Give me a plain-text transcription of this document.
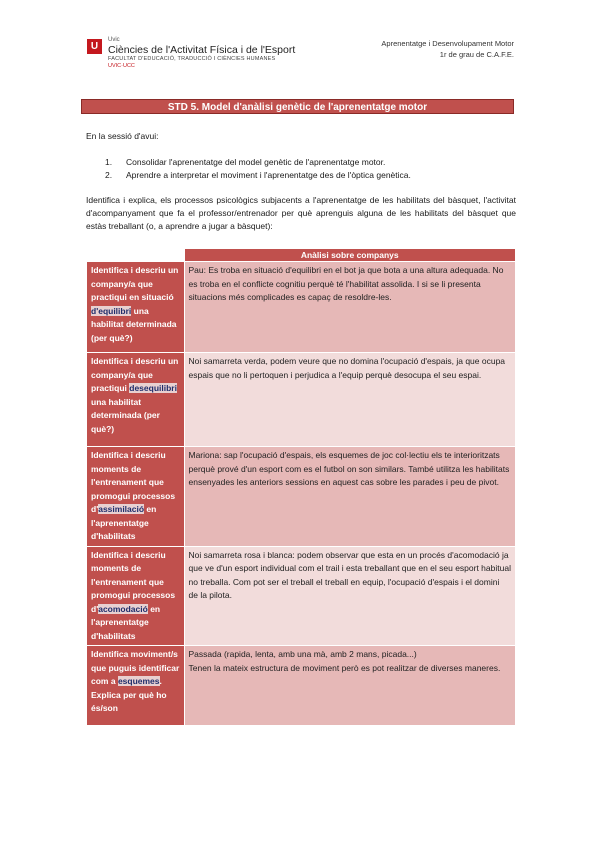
U
Uvic
Ciències de l'Activitat Física i de l'Esport
FACULTAT D'EDUCACIÓ, TRADUCCIÓ I CIÈNCIES HUMANES
UVIC·UCC
Aprenentatge i Desenvolupament Motor
1r de grau de C.A.F.E.
STD 5. Model d'anàlisi genètic de l'aprenentatge motor
En la sessió d'avui:
1.	Consolidar l'aprenentatge del model genètic de l'aprenentatge motor.
2.	Aprendre a interpretar el moviment i l'aprenentatge des de l'òptica genètica.
Identifica i explica, els processos psicològics subjacents a l'aprenentatge de les habilitats del bàsquet, l'activitat d'acompanyament que fa el professor/entrenador per què aprenguis alguna de les habilitats del bàsquet que estàs treballant (o, a aprendre a jugar a bàsquet):
	Anàlisi sobre companys
Identifica i descriu un company/a que practiqui en situació d'equilibri una habilitat determinada (per què?)	Pau: Es troba en situació d'equilibri en el bot ja que bota a una altura adequada. No es troba en el conflicte cognitiu perquè té l'habilitat assolida. I si se li presenta situacions més complicades es capaç de resoldre-les.
Identifica i descriu un company/a que practiqui desequilibri una habilitat determinada (per què?)	Noi samarreta verda, podem veure que no domina l'ocupació d'espais, ja que ocupa espais que no li pertoquen i perjudica a l'equip perquè desocupa el seu espai.
Identifica i descriu moments de l'entrenament que promogui processos d'assimilació en l'aprenentatge d'habilitats	Mariona: sap l'ocupació d'espais, els esquemes de joc col·lectiu els te interioritzats perquè prové d'un esport com es el futbol on son similars. També utilitza les habilitats ensenyades les anteriors sessions en aquest cas sobre les parades i peu de pivot.
Identifica i descriu moments de l'entrenament que promogui processos d'acomodació en l'aprenentatge d'habilitats	Noi samarreta rosa i blanca: podem observar que esta en un procés d'acomodació ja que ve d'un esport individual com el trail i esta treballant que en el seu esport habitual no treballa. Com pot ser el treball el treball en equip, l'ocupació d'espais i el domini de la pilota.
Identifica moviment/s que puguis identificar com a esquemes. Explica per què ho és/son	Passada (rapida, lenta, amb una mà, amb 2 mans, picada...)
Tenen la mateix estructura de moviment però es pot realitzar de diverses maneres.
